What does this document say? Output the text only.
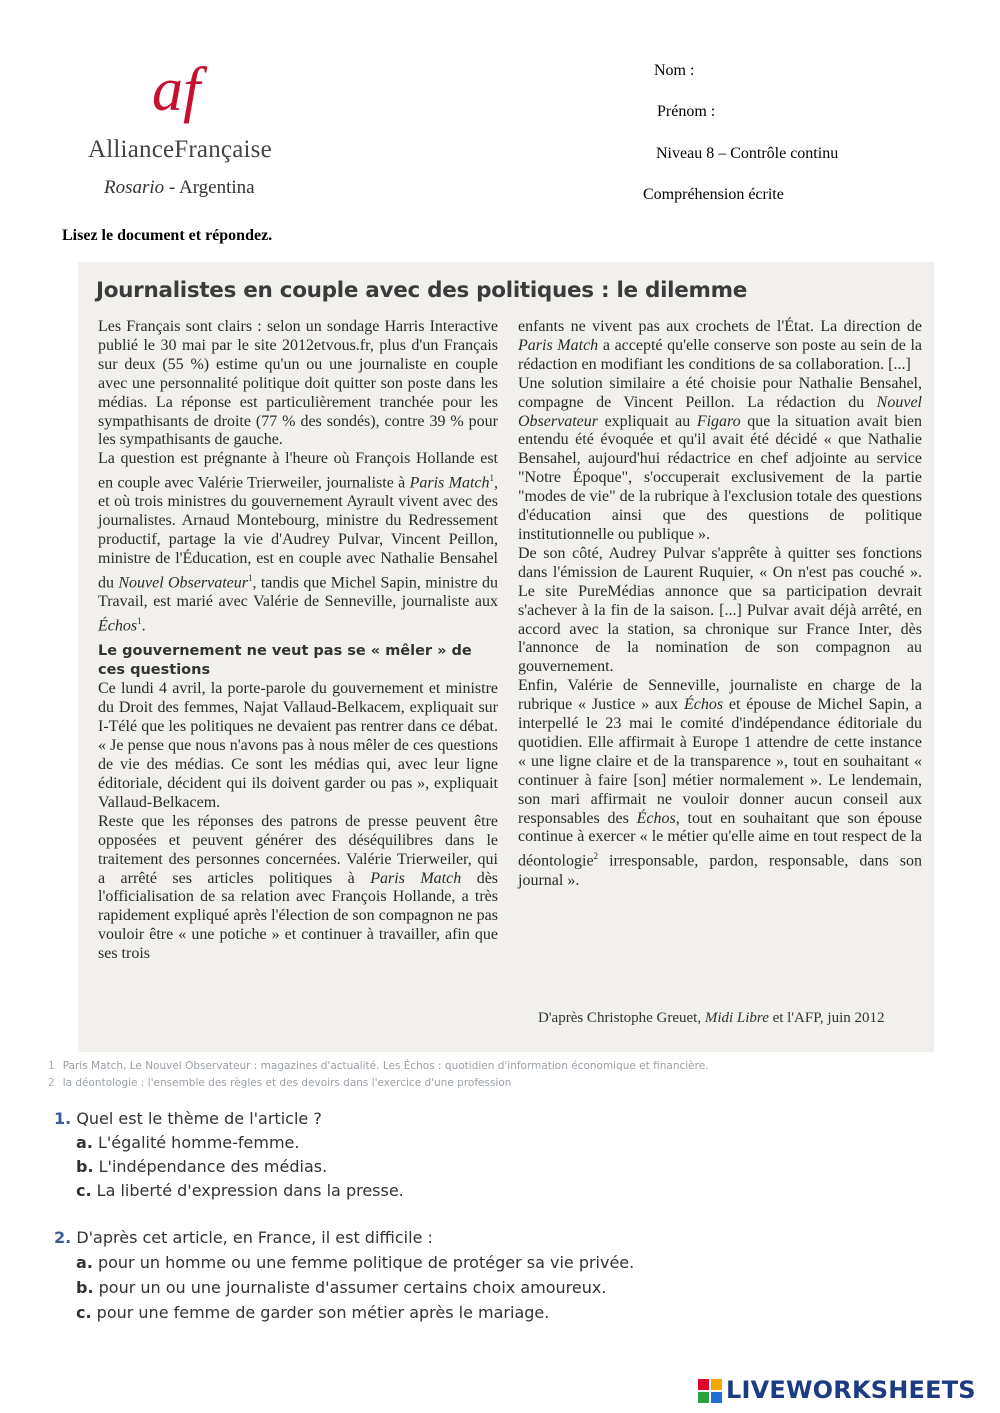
af
AllianceFrançaise
Rosario - Argentina
Nom :
Prénom :
Niveau 8 – Contrôle continu
Compréhension écrite
Lisez le document et répondez.
Journalistes en couple avec des politiques : le dilemme

Les Français sont clairs : selon un sondage Harris Interactive publié le 30 mai par le site 2012etvous.fr, plus d'un Français sur deux (55 %) estime qu'un ou une journaliste en couple avec une personnalité politique doit quitter son poste dans les médias. La réponse est particulièrement tranchée pour les sympathisants de droite (77 % des sondés), contre 39 % pour les sympathisants de gauche.

La question est prégnante à l'heure où François Hollande est en couple avec Valérie Trierweiler, journaliste à Paris Match$^1$, et où trois ministres du gouvernement Ayrault vivent avec des journalistes. Arnaud Montebourg, ministre du Redressement productif, partage la vie d'Audrey Pulvar, Vincent Peillon, ministre de l'Éducation, est en couple avec Nathalie Bensahel du Nouvel Observateur$^1$, tandis que Michel Sapin, ministre du Travail, est marié avec Valérie de Senneville, journaliste aux Échos$^1$.

Le gouvernement ne veut pas se « mêler » de ces questions

Ce lundi 4 avril, la porte-parole du gouvernement et ministre du Droit des femmes, Najat Vallaud-Belkacem, expliquait sur I-Télé que les politiques ne devaient pas rentrer dans ce débat. « Je pense que nous n'avons pas à nous mêler de ces questions de vie des médias. Ce sont les médias qui, avec leur ligne éditoriale, décident qui ils doivent garder ou pas », expliquait Vallaud-Belkacem.

Reste que les réponses des patrons de presse peuvent être opposées et peuvent générer des déséquilibres dans le traitement des personnes concernées. Valérie Trierweiler, qui a arrêté ses articles politiques à Paris Match dès l'officialisation de sa relation avec François Hollande, a très rapidement expliqué après l'élection de son compagnon ne pas vouloir être « une potiche » et continuer à travailler, afin que ses trois

enfants ne vivent pas aux crochets de l'État. La direction de Paris Match a accepté qu'elle conserve son poste au sein de la rédaction en modifiant les conditions de sa collaboration. [...]

Une solution similaire a été choisie pour Nathalie Bensahel, compagne de Vincent Peillon. La rédaction du Nouvel Observateur expliquait au Figaro que la situation avait bien entendu été évoquée et qu'il avait été décidé « que Nathalie Bensahel, aujourd'hui rédactrice en chef adjointe au service "Notre Époque", s'occuperait exclusivement de la partie "modes de vie" de la rubrique à l'exclusion totale des questions d'éducation ainsi que des questions de politique institutionnelle ou publique ».

De son côté, Audrey Pulvar s'apprête à quitter ses fonctions dans l'émission de Laurent Ruquier, « On n'est pas couché ». Le site PureMédias annonce que sa participation devrait s'achever à la fin de la saison. [...] Pulvar avait déjà arrêté, en accord avec la station, sa chronique sur France Inter, dès l'annonce de la nomination de son compagnon au gouvernement.

Enfin, Valérie de Senneville, journaliste en charge de la rubrique « Justice » aux Échos et épouse de Michel Sapin, a interpellé le 23 mai le comité d'indépendance éditoriale du quotidien. Elle affirmait à Europe 1 attendre de cette instance « une ligne claire et de la transparence », tout en souhaitant « continuer à faire [son] métier normalement ». Le lendemain, son mari affirmait ne vouloir donner aucun conseil aux responsables des Échos, tout en souhaitant que son épouse continue à exercer « le métier qu'elle aime en tout respect de la déontologie$^2$ irresponsable, pardon, responsable, dans son journal ».

D'après Christophe Greuet, Midi Libre et l'AFP, juin 2012
1 Paris Match, Le Nouvel Observateur : magazines d'actualité. Les Échos : quotidien d'information économique et financière.
2 la déontologie : l'ensemble des règles et des devoirs dans l'exercice d'une profession
1. Quel est le thème de l'article ?
a. L'égalité homme-femme.
b. L'indépendance des médias.
c. La liberté d'expression dans la presse.
2. D'après cet article, en France, il est difficile :
a. pour un homme ou une femme politique de protéger sa vie privée.
b. pour un ou une journaliste d'assumer certains choix amoureux.
c. pour une femme de garder son métier après le mariage.
LIVEWORKSHEETS
